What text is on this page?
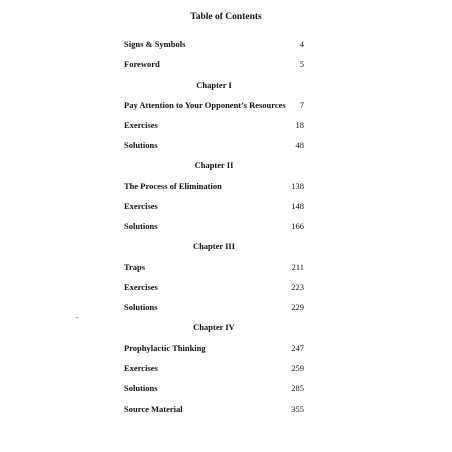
Table of Contents
Signs & Symbols	4
Foreword	5
Chapter I
Pay Attention to Your Opponent’s Resources 7
Exercises	18
Solutions	48
Chapter II
The Process of Elimination	138
Exercises	148
Solutions	166
Chapter III
Traps	211
Exercises	223
Solutions	229
Chapter IV
Prophylactic Thinking	247
Exercises	259
Solutions	285
Source Material	355
